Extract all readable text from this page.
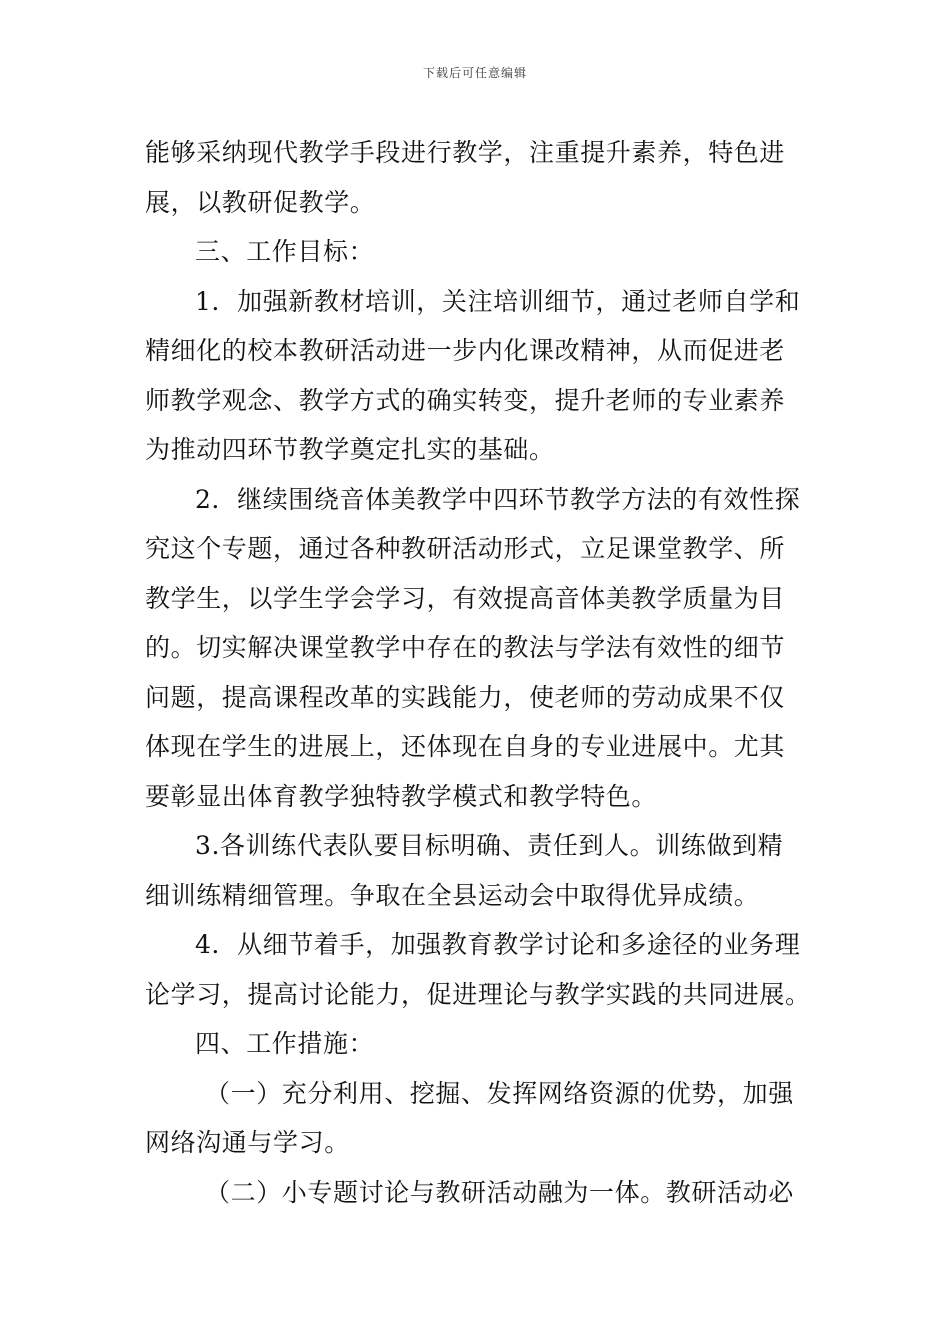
下载后可任意编辑
能够采纳现代教学手段进行教学，注重提升素养，特色进
展，以教研促教学。
三、工作目标：
1．加强新教材培训，关注培训细节，通过老师自学和
精细化的校本教研活动进一步内化课改精神，从而促进老
师教学观念、教学方式的确实转变，提升老师的专业素养
为推动四环节教学奠定扎实的基础。
2．继续围绕音体美教学中四环节教学方法的有效性探
究这个专题，通过各种教研活动形式，立足课堂教学、所
教学生，以学生学会学习，有效提高音体美教学质量为目
的。切实解决课堂教学中存在的教法与学法有效性的细节
问题，提高课程改革的实践能力，使老师的劳动成果不仅
体现在学生的进展上，还体现在自身的专业进展中。尤其
要彰显出体育教学独特教学模式和教学特色。
3.各训练代表队要目标明确、责任到人。训练做到精
细训练精细管理。争取在全县运动会中取得优异成绩。
4．从细节着手，加强教育教学讨论和多途径的业务理
论学习，提高讨论能力，促进理论与教学实践的共同进展。
四、工作措施：
（一）充分利用、挖掘、发挥网络资源的优势，加强
网络沟通与学习。
（二）小专题讨论与教研活动融为一体。教研活动必
